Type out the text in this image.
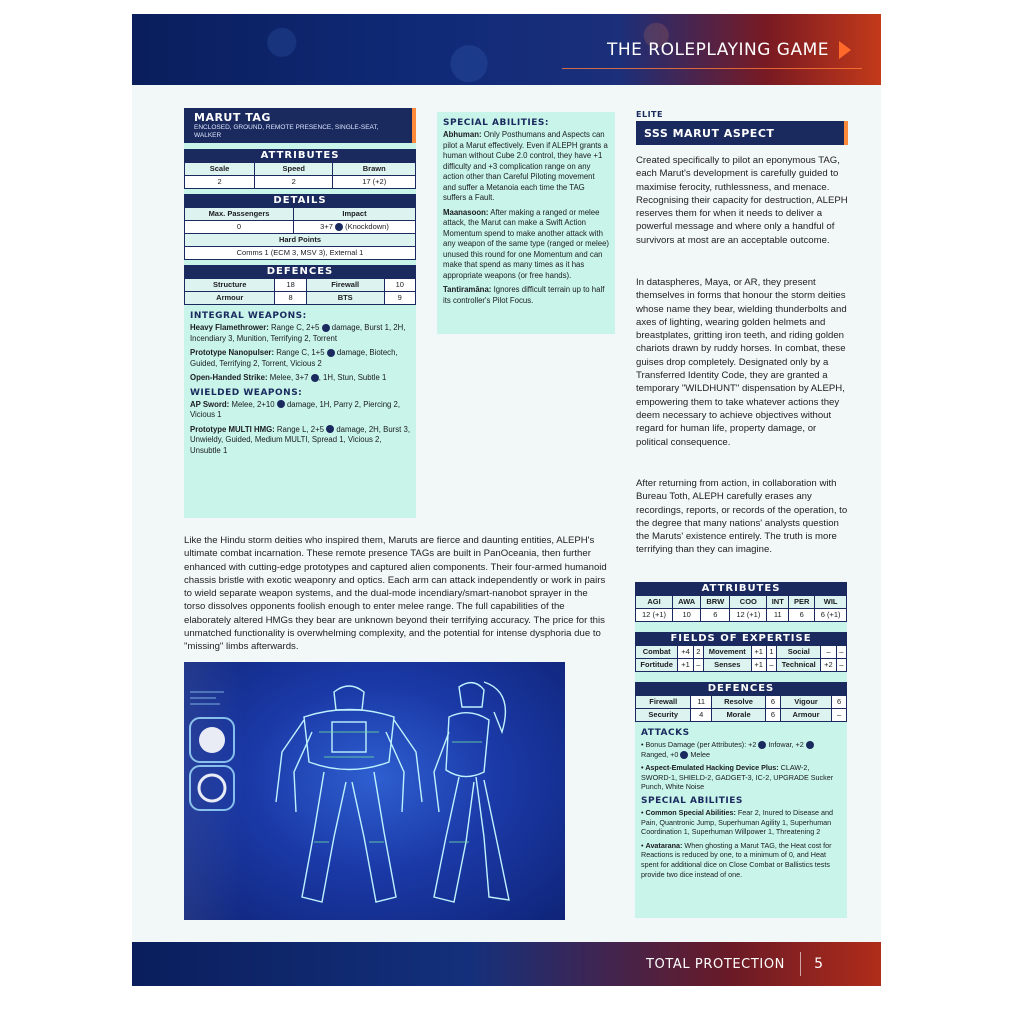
THE ROLEPLAYING GAME
MARUT TAG
ENCLOSED, GROUND, REMOTE PRESENCE, SINGLE-SEAT, WALKER
ATTRIBUTES
Scale	Speed	Brawn
2	2	17 (+2)
DETAILS
Max. Passengers	Impact
0	3+7 (Knockdown)
Hard Points	
Comms 1 (ECM 3, MSV 3), External 1	
DEFENCES
Structure	18	Firewall	10
Armour	8	BTS	9
INTEGRAL WEAPONS:

Heavy Flamethrower: Range C, 2+5 damage, Burst 1, 2H, Incendiary 3, Munition, Terrifying 2, Torrent

Prototype Nanopulser: Range C, 1+5 damage, Biotech, Guided, Terrifying 2, Torrent, Vicious 2

Open-Handed Strike: Melee, 3+7 , 1H, Stun, Subtle 1

WIELDED WEAPONS:

AP Sword: Melee, 2+10 damage, 1H, Parry 2, Piercing 2, Vicious 1

Prototype MULTI HMG: Range L, 2+5 damage, 2H, Burst 3, Unwieldy, Guided, Medium MULTI, Spread 1, Vicious 2, Unsubtle 1

SPECIAL ABILITIES:

Abhuman: Only Posthumans and Aspects can pilot a Marut effectively. Even if ALEPH grants a human without Cube 2.0 control, they have +1 difficulty and +3 complication range on any action other than Careful Piloting movement and suffer a Metanoia each time the TAG suffers a Fault.

Maanasoon: After making a ranged or melee attack, the Marut can make a Swift Action Momentum spend to make another attack with any weapon of the same type (ranged or melee) unused this round for one Momentum and can make that spend as many times as it has appropriate weapons (or free hands).

Tantiramāna: Ignores difficult terrain up to half its controller's Pilot Focus.

Like the Hindu storm deities who inspired them, Maruts are fierce and daunting entities, ALEPH's ultimate combat incarnation. These remote presence TAGs are built in PanOceania, then further enhanced with cutting-edge prototypes and captured alien components. Their four-armed humanoid chassis bristle with exotic weaponry and optics. Each arm can attack independently or work in pairs to wield separate weapon systems, and the dual-mode incendiary/smart-nanobot sprayer in the torso dissolves opponents foolish enough to enter melee range. The full capabilities of the elaborately altered HMGs they bear are unknown beyond their terrifying accuracy. The price for this unmatched functionality is overwhelming complexity, and the potential for intense dysphoria due to "missing" limbs afterwards.
ELITE
SSS MARUT ASPECT
Created specifically to pilot an eponymous TAG, each Marut's development is carefully guided to maximise ferocity, ruthlessness, and menace. Recognising their capacity for destruction, ALEPH reserves them for when it needs to deliver a powerful message and where only a handful of survivors at most are an acceptable outcome.
In dataspheres, Maya, or AR, they present themselves in forms that honour the storm deities whose name they bear, wielding thunderbolts and axes of lighting, wearing golden helmets and breastplates, gritting iron teeth, and riding golden chariots drawn by ruddy horses. In combat, these guises drop completely. Designated only by a Transferred Identity Code, they are granted a temporary "WILDHUNT" dispensation by ALEPH, empowering them to take whatever actions they deem necessary to achieve objectives without regard for human life, property damage, or political consequence.
After returning from action, in collaboration with Bureau Toth, ALEPH carefully erases any recordings, reports, or records of the operation, to the degree that many nations' analysts question the Maruts' existence entirely. The truth is more terrifying than they can imagine.
ATTRIBUTES
AGI	AWA	BRW	COO	INT	PER	WIL
12 (+1)	10	6	12 (+1)	11	6	6 (+1)
FIELDS OF EXPERTISE
Combat	+4	2	Movement	+1	1	Social	–	–
Fortitude	+1	–	Senses	+1	–	Technical	+2	–
DEFENCES
Firewall	11	Resolve	6	Vigour	6
Security	4	Morale	6	Armour	–
ATTACKS

• Bonus Damage (per Attributes): +2 Infowar, +2  Ranged, +0 Melee

• Aspect-Emulated Hacking Device Plus: CLAW-2, SWORD-1, SHIELD-2, GADGET-3, IC-2, UPGRADE Sucker Punch, White Noise

SPECIAL ABILITIES

• Common Special Abilities: Fear 2, Inured to Disease and Pain, Quantronic Jump, Superhuman Agility 1, Superhuman Coordination 1, Superhuman Willpower 1, Threatening 2

• Avatarana: When ghosting a Marut TAG, the Heat cost for Reactions is reduced by one, to a minimum of 0, and Heat spent for additional dice on Close Combat or Ballistics tests provide two dice instead of one.

TOTAL PROTECTION 5
